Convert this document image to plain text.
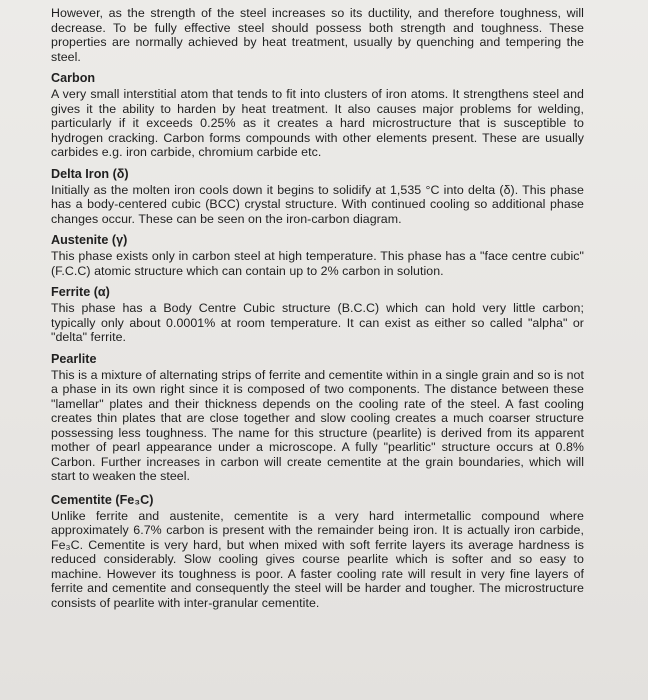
However, as the strength of the steel increases so its ductility, and therefore toughness, will decrease. To be fully effective steel should possess both strength and toughness. These properties are normally achieved by heat treatment, usually by quenching and tempering the steel.

Carbon

A very small interstitial atom that tends to fit into clusters of iron atoms. It strengthens steel and gives it the ability to harden by heat treatment. It also causes major problems for welding, particularly if it exceeds 0.25% as it creates a hard microstructure that is susceptible to hydrogen cracking. Carbon forms compounds with other elements present. These are usually carbides e.g. iron carbide, chromium carbide etc.

Delta Iron (δ)

Initially as the molten iron cools down it begins to solidify at 1,535 °C into delta (δ). This phase has a body-centered cubic (BCC) crystal structure. With continued cooling so additional phase changes occur. These can be seen on the iron-carbon diagram.

Austenite (γ)

This phase exists only in carbon steel at high temperature. This phase has a "face centre cubic" (F.C.C) atomic structure which can contain up to 2% carbon in solution.

Ferrite (α)

This phase has a Body Centre Cubic structure (B.C.C) which can hold very little carbon; typically only about 0.0001% at room temperature. It can exist as either so called "alpha" or "delta" ferrite.

Pearlite

This is a mixture of alternating strips of ferrite and cementite within in a single grain and so is not a phase in its own right since it is composed of two components. The distance between these "lamellar" plates and their thickness depends on the cooling rate of the steel. A fast cooling creates thin plates that are close together and slow cooling creates a much coarser structure possessing less toughness. The name for this structure (pearlite) is derived from its apparent mother of pearl appearance under a microscope. A fully "pearlitic" structure occurs at 0.8% Carbon. Further increases in carbon will create cementite at the grain boundaries, which will start to weaken the steel.

Cementite (Fe₃C)

Unlike ferrite and austenite, cementite is a very hard intermetallic compound where approximately 6.7% carbon is present with the remainder being iron. It is actually iron carbide, Fe₃C. Cementite is very hard, but when mixed with soft ferrite layers its average hardness is reduced considerably. Slow cooling gives course pearlite which is softer and so easy to machine. However its toughness is poor. A faster cooling rate will result in very fine layers of ferrite and cementite and consequently the steel will be harder and tougher. The microstructure consists of pearlite with inter-granular cementite.
